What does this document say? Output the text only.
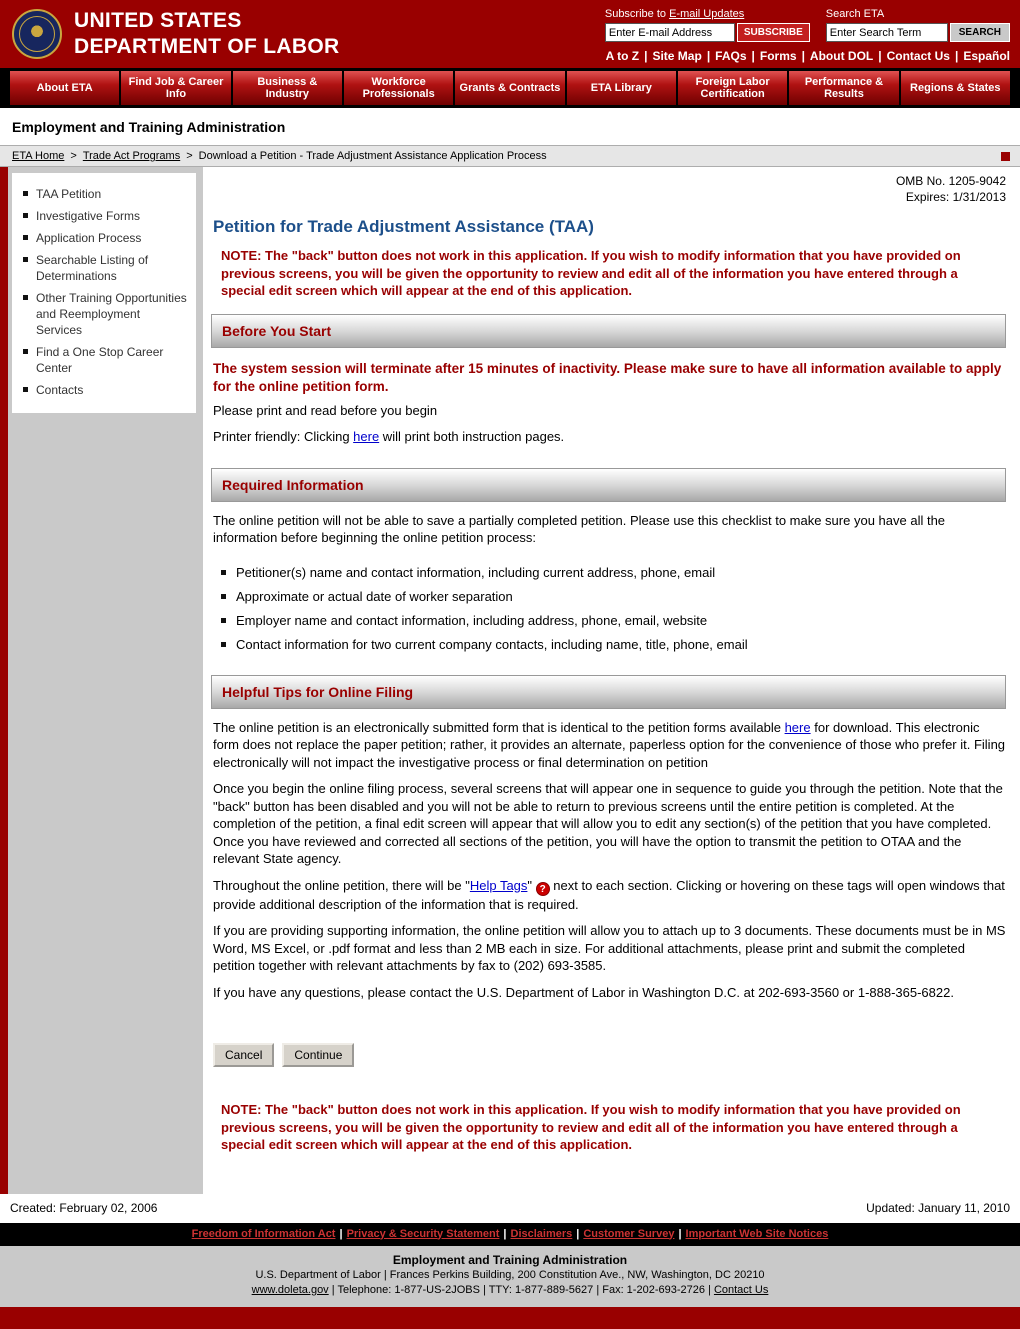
UNITED STATES
DEPARTMENT OF LABOR
Subscribe to E-mail Updates
Enter E-mail Address
SUBSCRIBE
Search ETA
Enter Search Term
SEARCH
A to Z | Site Map | FAQs | Forms | About DOL | Contact Us | Español
About ETA	Find Job & Career Info
Business & Industry
Workforce Professionals	Grants & Contracts	ETA Library	Foreign Labor Certification
Performance & Results	Regions & States
Employment and Training Administration
ETA Home > Trade Act Programs > Download a Petition - Trade Adjustment Assistance Application Process
TAA Petition
Investigative Forms
Application Process
Searchable Listing of Determinations
Other Training Opportunities and Reemployment Services
Find a One Stop Career Center
Contacts
OMB No. 1205-9042
Expires: 1/31/2013
Petition for Trade Adjustment Assistance (TAA)
NOTE: The "back" button does not work in this application. If you wish to modify information that you have provided on previous screens, you will be given the opportunity to review and edit all of the information you have entered through a special edit screen which will appear at the end of this application.
Before You Start
The system session will terminate after 15 minutes of inactivity. Please make sure to have all information available to apply for the online petition form.
Please print and read before you begin
Printer friendly: Clicking here will print both instruction pages.
Required Information
The online petition will not be able to save a partially completed petition. Please use this checklist to make sure you have all the information before beginning the online petition process:
Petitioner(s) name and contact information, including current address, phone, email
Approximate or actual date of worker separation
Employer name and contact information, including address, phone, email, website
Contact information for two current company contacts, including name, title, phone, email
Helpful Tips for Online Filing
The online petition is an electronically submitted form that is identical to the petition forms available here for download. This electronic form does not replace the paper petition; rather, it provides an alternate, paperless option for the convenience of those who prefer it. Filing electronically will not impact the investigative process or final determination on petition
Once you begin the online filing process, several screens that will appear one in sequence to guide you through the petition. Note that the "back" button has been disabled and you will not be able to return to previous screens until the entire petition is completed. At the completion of the petition, a final edit screen will appear that will allow you to edit any section(s) of the petition that you have completed. Once you have reviewed and corrected all sections of the petition, you will have the option to transmit the petition to OTAA and the relevant State agency.
Throughout the online petition, there will be "Help Tags" ? next to each section. Clicking or hovering on these tags will open windows that provide additional description of the information that is required.
If you are providing supporting information, the online petition will allow you to attach up to 3 documents. These documents must be in MS Word, MS Excel, or .pdf format and less than 2 MB each in size. For additional attachments, please print and submit the completed petition together with relevant attachments by fax to (202) 693-3585.
If you have any questions, please contact the U.S. Department of Labor in Washington D.C. at 202-693-3560 or 1-888-365-6822.
Cancel	Continue
NOTE: The "back" button does not work in this application. If you wish to modify information that you have provided on previous screens, you will be given the opportunity to review and edit all of the information you have entered through a special edit screen which will appear at the end of this application.
Created: February 02, 2006	Updated: January 11, 2010
Freedom of Information Act | Privacy & Security Statement | Disclaimers | Customer Survey | Important Web Site Notices
Employment and Training Administration
U.S. Department of Labor | Frances Perkins Building, 200 Constitution Ave., NW, Washington, DC 20210
www.doleta.gov | Telephone: 1-877-US-2JOBS | TTY: 1-877-889-5627 | Fax: 1-202-693-2726 | Contact Us
